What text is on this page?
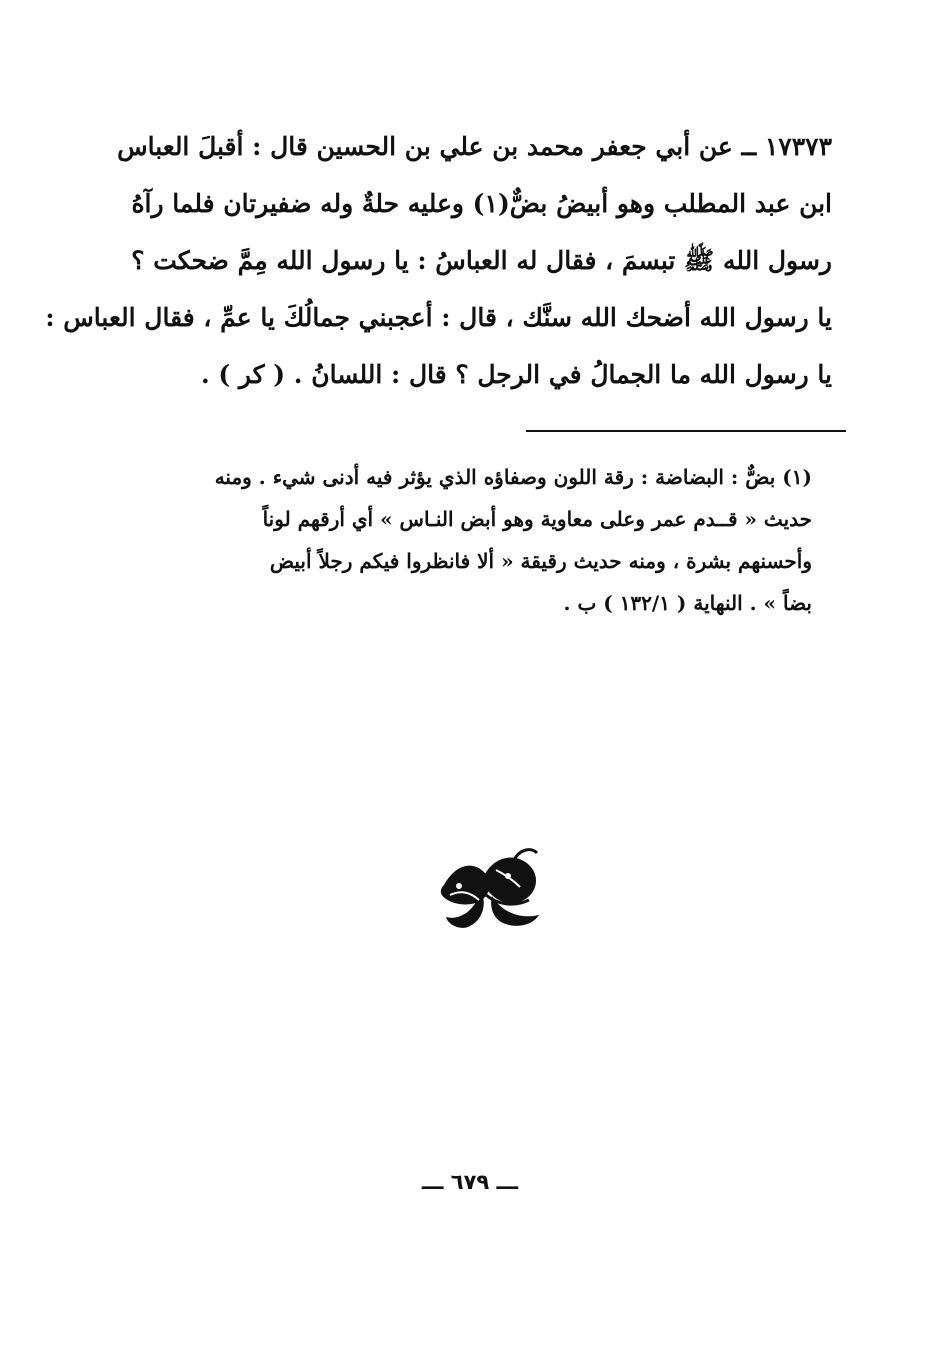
١٧٣٧٣ ــ عن أبي جعفر محمد بن علي بن الحسين قال : أقبلَ العباس

ابن عبد المطلب وهو أبيضُ بضٌّ(١) وعليه حلةٌ وله ضفيرتان فلما رآهُ

رسول الله ﷺ تبسمَ ، فقال له العباسُ : يا رسول الله مِمَّ ضحكت ؟

يا رسول الله أضحك الله سنَّك ، قال : أعجبني جمالُكَ يا عمِّ ، فقال العباس :

يا رسول الله ما الجمالُ في الرجل ؟ قال : اللسانُ . ( كر ) .

(١) بضٌّ : البضاضة : رقة اللون وصفاؤه الذي يؤثر فيه أدنى شيء . ومنه

حديث « قــدم عمر وعلى معاوية وهو أبض النـاس » أي أرقهم لوناً

وأحسنهم بشرة ، ومنه حديث رقيقة « ألا فانظروا فيكم رجلاً أبيض

بضاً » . النهاية ( ١٣٢/١ ) ب .

ـــ ٦٧٩ ـــ
